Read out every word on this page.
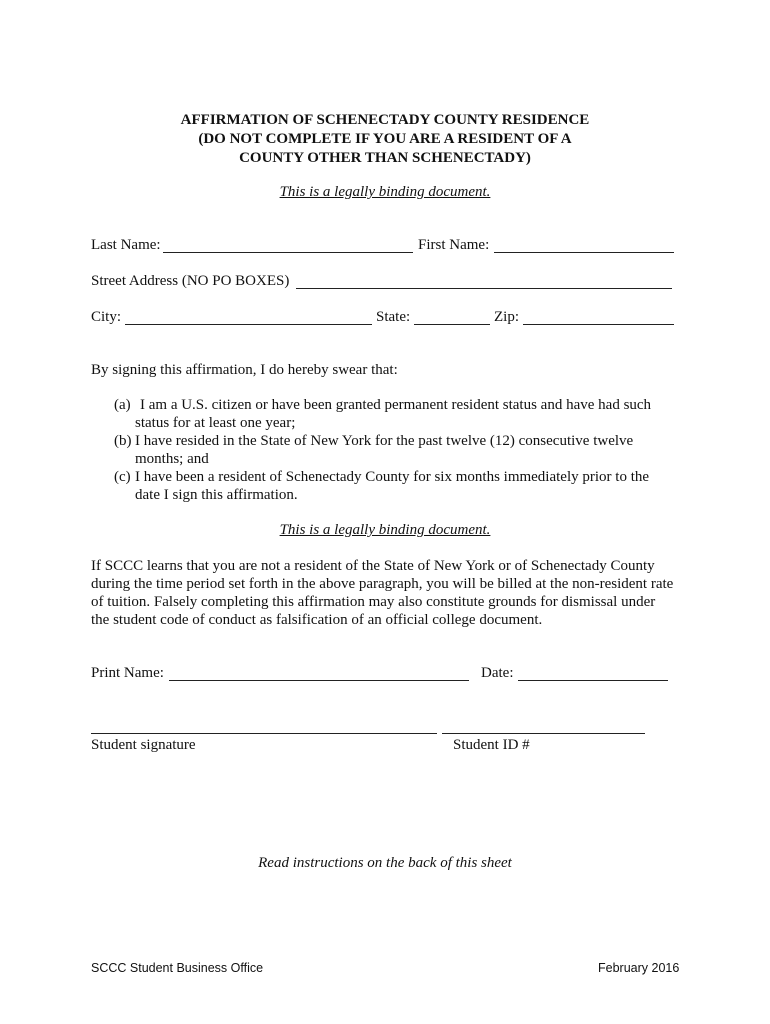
AFFIRMATION OF SCHENECTADY COUNTY RESIDENCE
(DO NOT COMPLETE IF YOU ARE A RESIDENT OF A
COUNTY OTHER THAN SCHENECTADY)
This is a legally binding document.
Last Name:	First Name:
Street Address (NO PO BOXES)
City:	State:	Zip:
By signing this affirmation, I do hereby swear that:
(a) I am a U.S. citizen or have been granted permanent resident status and have had such
status for at least one year;
(b) I have resided in the State of New York for the past twelve (12) consecutive twelve
months; and
(c) I have been a resident of Schenectady County for six months immediately prior to the
date I sign this affirmation.
This is a legally binding document.
If SCCC learns that you are not a resident of the State of New York or of Schenectady County
during the time period set forth in the above paragraph, you will be billed at the non-resident rate
of tuition. Falsely completing this affirmation may also constitute grounds for dismissal under
the student code of conduct as falsification of an official college document.
Print Name:	Date:
Student signature	Student ID #
Read instructions on the back of this sheet
SCCC Student Business Office	February 2016
